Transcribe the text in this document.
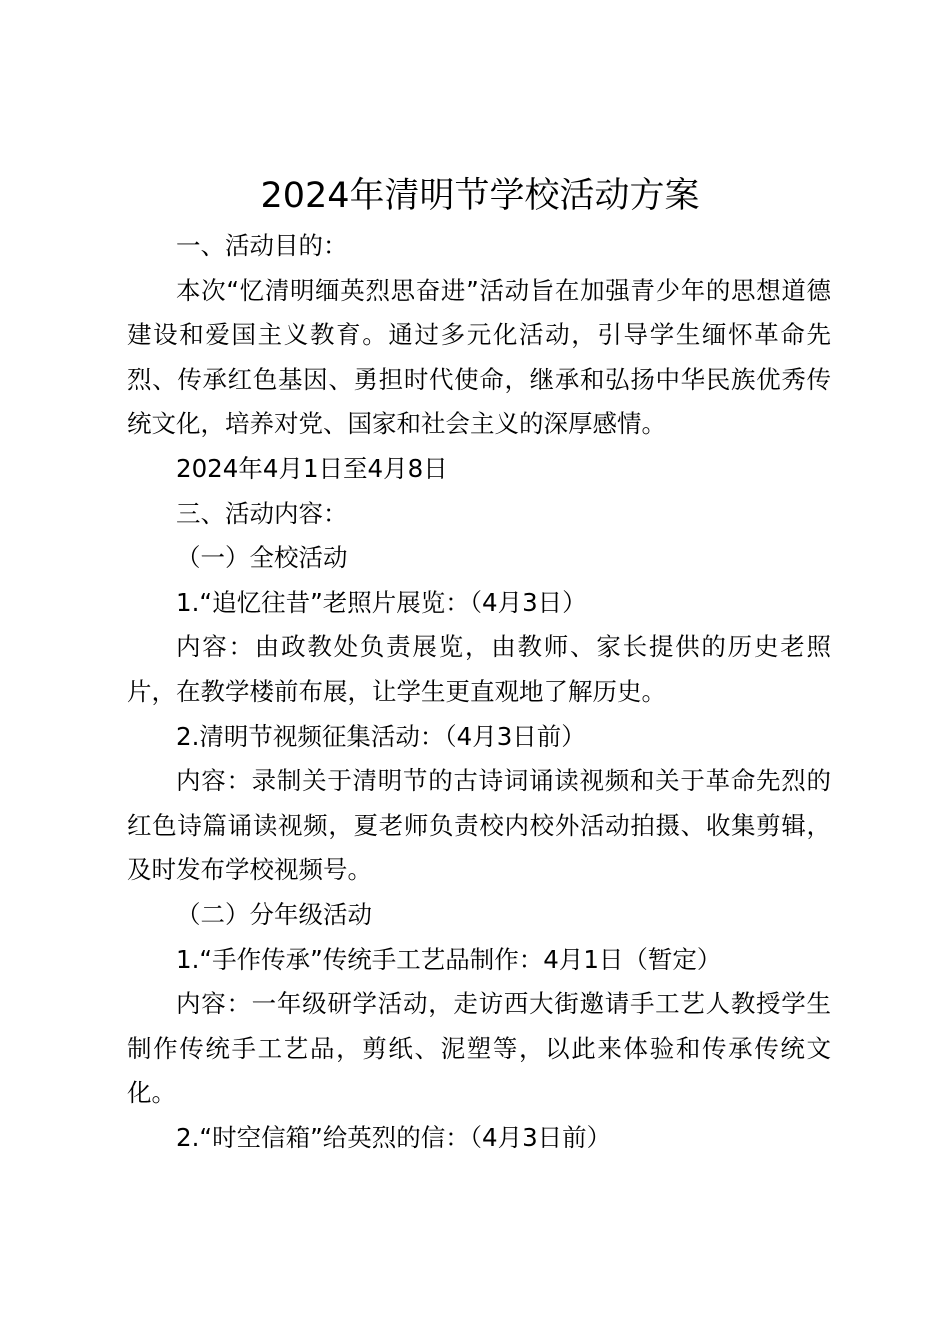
2024年清明节学校活动方案

一、活动目的：

本次“忆清明缅英烈思奋进”活动旨在加强青少年的思想道德建设和爱国主义教育。通过多元化活动，引导学生缅怀革命先烈、传承红色基因、勇担时代使命，继承和弘扬中华民族优秀传统文化，培养对党、国家和社会主义的深厚感情。

2024年4月1日至4月8日

三、活动内容：

（一）全校活动

1.“追忆往昔”老照片展览：（4月3日）

内容：由政教处负责展览，由教师、家长提供的历史老照片，在教学楼前布展，让学生更直观地了解历史。

2.清明节视频征集活动：（4月3日前）

内容：录制关于清明节的古诗词诵读视频和关于革命先烈的红色诗篇诵读视频，夏老师负责校内校外活动拍摄、收集剪辑，及时发布学校视频号。

（二）分年级活动

1.“手作传承”传统手工艺品制作：4月1日（暂定）

内容：一年级研学活动，走访西大街邀请手工艺人教授学生制作传统手工艺品，剪纸、泥塑等，以此来体验和传承传统文化。

2.“时空信箱”给英烈的信：（4月3日前）
